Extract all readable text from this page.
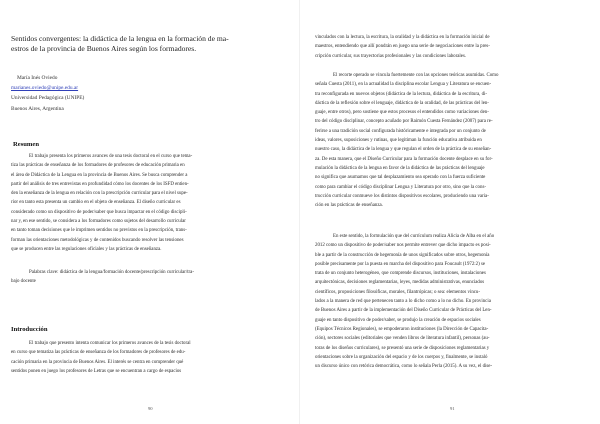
Sentidos convergentes: la didáctica de la lengua en la formación de ma-
estros de la provincia de Buenos Aires según los formadores.
María Inés Oviedo
marianes.oviedo@unipe.edu.ar
Universidad Pedagógica (UNIPE)
Buenos Aires, Argentina
Resumen
El trabajo presenta los primeros avances de una tesis doctoral en el curso que tema-
tiza las prácticas de enseñanza de los formadores de profesores de educación primaria en
el área de Didáctica de la Lengua en la provincia de Buenos Aires. Se busca comprender a
partir del análisis de tres entrevistas en profundidad cómo los docentes de los ISFD entien-
den la enseñanza de la lengua en relación con la prescripción curricular para el nivel supe-
rior en tanto esta presenta un cambio en el objeto de enseñanza. El diseño curricular es
considerado como un dispositivo de poder/saber que busca impactar en el código discipli-
nar y, en ese sentido, se considera a los formadores como sujetos del desarrollo curricular
en tanto toman decisiones que le imprimen sentidos no previstos en la prescripción, trans-
forman las orientaciones metodológicas y de contenidos buscando resolver las tensiones
que se producen entre las regulaciones oficiales y las prácticas de enseñanza.
Palabras clave: didáctica de la lengua/formación docente/prescripción curricular/tra-
bajo docente
Introducción
El trabajo que presento intenta comunicar los primeros avances de la tesis doctoral
en curso que tematiza las prácticas de enseñanza de los formadores de profesores de edu-
cación primaria en la provincia de Buenos Aires. El interés se centra en comprender qué
sentidos ponen en juego los profesores de Letras que se encuentran a cargo de espacios
90
vinculados con la lectura, la escritura, la oralidad y la didáctica en la formación inicial de
maestros, entendiendo que allí pondrán en juego una serie de negociaciones entre la pres-
cripción curricular, sus trayectorias profesionales y las condiciones laborales.
El recorte operado se vincula fuertemente con las opciones teóricas asumidas. Como
señala Cuesta (2011), en la actualidad la disciplina escolar Lengua y Literatura se encuen-
tra reconfigurada en nuevos objetos (didáctica de la lectura, didáctica de la escritura, di-
dáctica de la reflexión sobre el lenguaje, didáctica de la oralidad, de las prácticas del len-
guaje, entre otros), pero sostiene que estos procesos el entendidos como variaciones den-
tro del código disciplinar, concepto acuñado por Raimón Cuesta Fernández (2007) para re-
ferirse a una tradición social configurada históricamente e integrada por un conjunto de
ideas, valores, suposiciones y rutinas, que legitiman la función educativa atribuida en
nuestro caso, la didáctica de la lengua y que regulan el orden de la práctica de su enseñan-
za. De esta manera, que el Diseño Curricular para la formación docente desplace en su for-
mulación la didáctica de la lengua en favor de la didáctica de las prácticas del lenguaje
no significa que asumamos que tal desplazamiento sea operado con la fuerza suficiente
como para cambiar el código disciplinar Lengua y Literatura por otro, sino que la cons-
trucción curricular conmueve los distintos dispositivos escolares, produciendo una varia-
ción en las prácticas de enseñanza.
En este sentido, la formulación que del currículum realiza Alicia de Alba en el año
2012 como un dispositivo de poder/saber nos permite entrever que dicho impacto es posi-
ble a partir de la construcción de hegemonía de unos significados sobre otros, hegemonía
posible precisamente por la puesta en marcha del dispositivo para Foucault (1972:2) se
trata de un conjunto heterogéneo, que comprende discursos, instituciones, instalaciones
arquitectónicas, decisiones reglamentarias, leyes, medidas administrativas, enunciados
científicos, proposiciones filosóficas, morales, filantrópicas; o sea: elementos vincu-
lados a la manera de red que pertenecen tanto a lo dicho como a lo no dicho. En provincia
de Buenos Aires a partir de la implementación del Diseño Curricular de Prácticas del Len-
guaje en tanto dispositivo de poder/saber, se produjo la creación de espacios sociales
(Equipos Técnicos Regionales), se empoderaron instituciones (la Dirección de Capacita-
ción), sectores sociales (editoriales que venden libros de literatura infantil), personas (au-
toras de los diseños curriculares), se presentó una serie de disposiciones reglamentarias y
orientaciones sobre la organización del espacio y de los cuerpos y, finalmente, se instaló
un discurso único con retórica democrática, como lo señala Perla (2015). A su vez, el dise-
91
